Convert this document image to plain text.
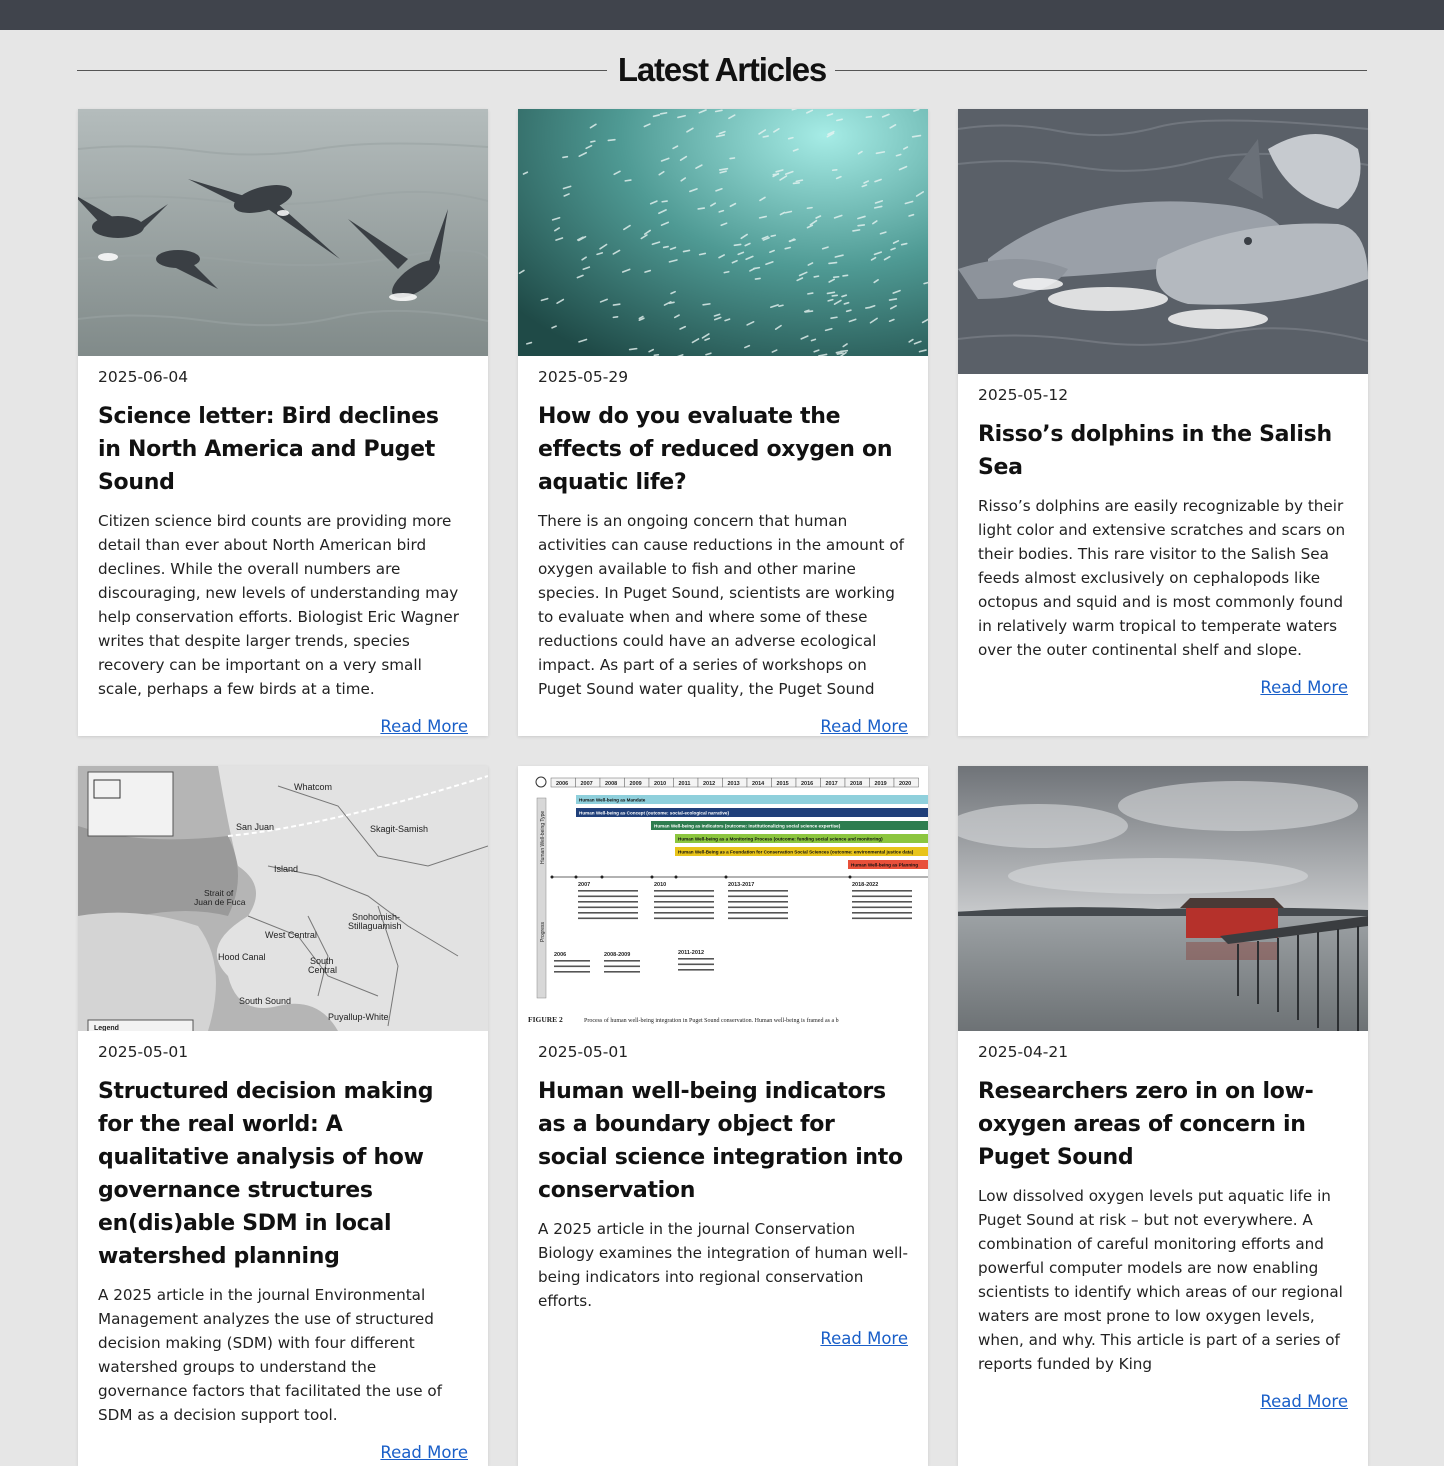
Latest Articles

2025-06-04

Science letter: Bird declines in North America and Puget Sound

Citizen science bird counts are providing more detail than ever about North American bird declines. While the overall numbers are discouraging, new levels of understanding may help conservation efforts. Biologist Eric Wagner writes that despite larger trends, species recovery can be important on a very small scale, perhaps a few birds at a time.

Read More

2025-05-29

How do you evaluate the effects of reduced oxygen on aquatic life?

There is an ongoing concern that human activities can cause reductions in the amount of oxygen available to fish and other marine species. In Puget Sound, scientists are working to evaluate when and where some of these reductions could have an adverse ecological impact. As part of a series of workshops on Puget Sound water quality, the Puget Sound

Read More

2025-05-12

Risso’s dolphins in the Salish Sea

Risso’s dolphins are easily recognizable by their light color and extensive scratches and scars on their bodies. This rare visitor to the Salish Sea feeds almost exclusively on cephalopods like octopus and squid and is most commonly found in relatively warm tropical to temperate waters over the outer continental shelf and slope.

Read More
Whatcom
San Juan	Skagit-Samish
Island
Strait of
Juan de Fuca
Snohomish-
Stillaguamish
West Central
Hood Canal	South
Central
South Sound
Puyallup-White
Legend

2025-05-01

Structured decision making for the real world: A qualitative analysis of how governance structures en(dis)able SDM in local watershed planning

A 2025 article in the journal Environmental Management analyzes the use of structured decision making (SDM) with four different watershed groups to understand the governance factors that facilitated the use of SDM as a decision support tool.

Read More
Human Well-being Type
Progress
2006 2007 2008 2009 2010 2011 2012 2013 2014 2015 2016 2017 2018 2019 2020
Human Well-being as Mandate
Human Well-being as Concept (outcome: social-ecological narrative)
Human Well-being as Indicators (outcome: institutionalizing social science expertise)
Human Well-being as a Monitoring Process (outcome: funding social science and monitoring)
Human Well-Being as a Foundation for Conservation Social Sciences (outcome: environmental justice data)
Human Well-being as Planning
2007	2010	2013-2017	2018-2022
2006	2008-2009	2011-2012
FIGURE 2	Process of human well-being integration in Puget Sound conservation. Human well-being is framed as a b

2025-05-01

Human well-being indicators as a boundary object for social science integration into conservation

A 2025 article in the journal Conservation Biology examines the integration of human well-being indicators into regional conservation efforts.

Read More

2025-04-21

Researchers zero in on low-oxygen areas of concern in Puget Sound

Low dissolved oxygen levels put aquatic life in Puget Sound at risk – but not everywhere. A combination of careful monitoring efforts and powerful computer models are now enabling scientists to identify which areas of our regional waters are most prone to low oxygen levels, when, and why. This article is part of a series of reports funded by King

Read More
